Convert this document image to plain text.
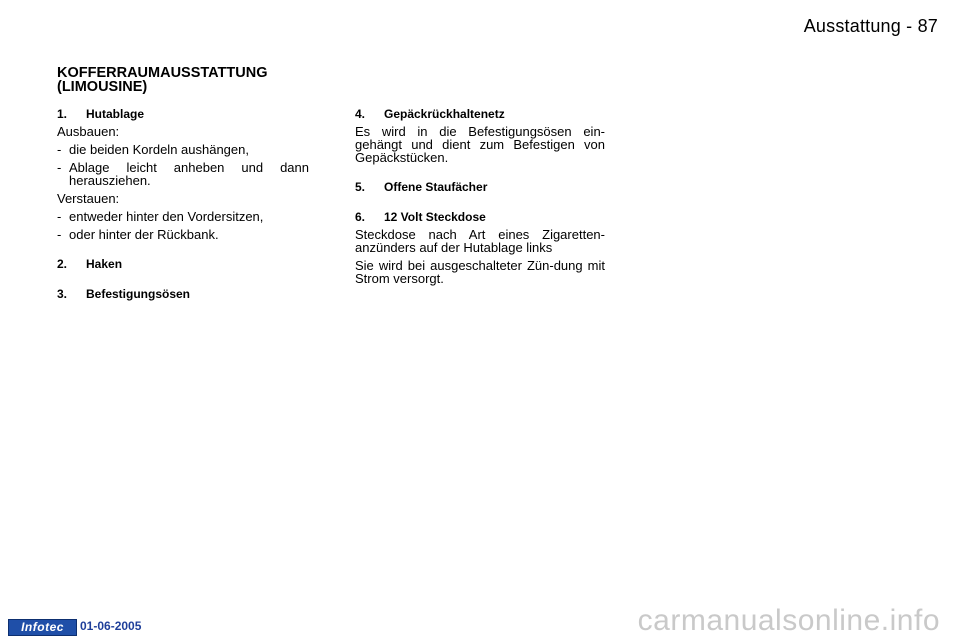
Ausstattung - 87
KOFFERRAUMAUSSTATTUNG
(LIMOUSINE)
1.	Hutablage

Ausbauen:

- die beiden Kordeln aushängen,
- Ablage leicht anheben und dann herausziehen.

Verstauen:

- entweder hinter den Vordersitzen,
- oder hinter der Rückbank.
2.	Haken
3.	Befestigungsösen
4.	Gepäckrückhaltenetz

Es wird in die Befestigungsösen ein-gehängt und dient zum Befestigen von Gepäckstücken.

5.	Offene Staufächer
6.	12 Volt Steckdose

Steckdose nach Art eines Zigaretten-anzünders auf der Hutablage links

Sie wird bei ausgeschalteter Zün-dung mit Strom versorgt.

Infotec	01-06-2005	carmanualsonline.info
